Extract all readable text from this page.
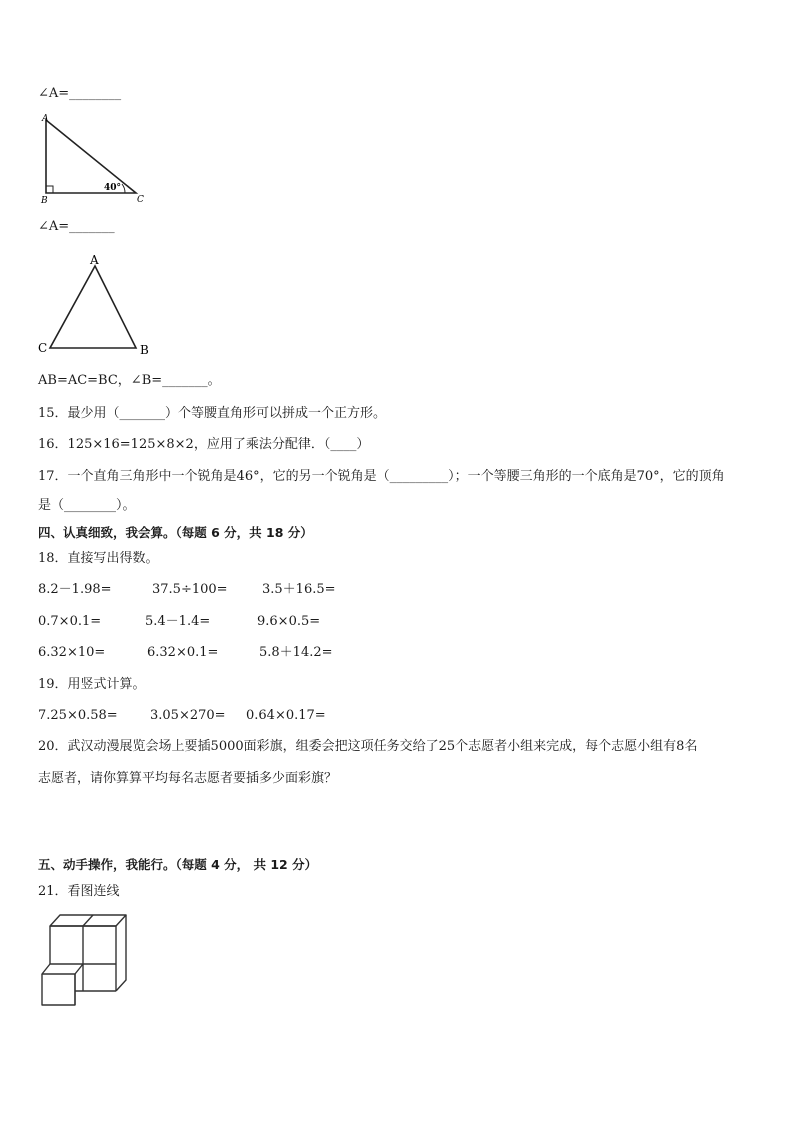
∠A=________
A
B	C
40°
∠A=_______
A
C	B
AB=AC=BC，∠B=_______。
15．最少用（_______）个等腰直角形可以拼成一个正方形。
16．125×16=125×8×2，应用了乘法分配律．（____）
17．一个直角三角形中一个锐角是46°，它的另一个锐角是（_________）；一个等腰三角形的一个底角是70°，它的顶角
是（________）。
四、认真细致，我会算。（每题 6 分，共 18 分）
18．直接写出得数。
8.2－1.98=	37.5÷100=	3.5＋16.5=
0.7×0.1=	5.4－1.4=	9.6×0.5=
6.32×10=	6.32×0.1=	5.8＋14.2=
19．用竖式计算。
7.25×0.58= 3.05×270= 0.64×0.17=
20．武汉动漫展览会场上要插5000面彩旗，组委会把这项任务交给了25个志愿者小组来完成，每个志愿小组有8名
志愿者，请你算算平均每名志愿者要插多少面彩旗？
五、动手操作，我能行。（每题 4 分， 共 12 分）
21．看图连线
